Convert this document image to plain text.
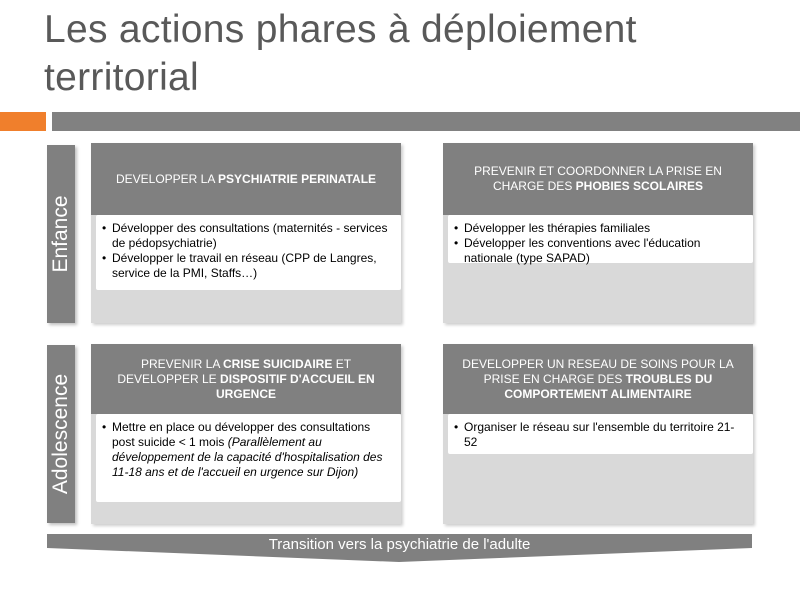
Les actions phares à déploiement
territorial
Enfance
Adolescence
DEVELOPPER LA PSYCHIATRIE PERINATALE
• Développer des consultations (maternités - services de pédopsychiatrie)
• Développer le travail en réseau (CPP de Langres, service de la PMI, Staffs…)
PREVENIR ET COORDONNER LA PRISE EN CHARGE DES PHOBIES SCOLAIRES
• Développer les thérapies familiales
• Développer les conventions avec l'éducation nationale (type SAPAD)
PREVENIR LA CRISE SUICIDAIRE ET DEVELOPPER LE DISPOSITIF D'ACCUEIL EN URGENCE
• Mettre en place ou développer des consultations post suicide < 1 mois (Parallèlement au développement de la capacité d'hospitalisation des 11-18 ans et de l'accueil en urgence sur Dijon)
DEVELOPPER UN RESEAU DE SOINS POUR LA PRISE EN CHARGE DES TROUBLES DU COMPORTEMENT ALIMENTAIRE
• Organiser le réseau sur l'ensemble du territoire 21-52
Transition vers la psychiatrie de l'adulte
